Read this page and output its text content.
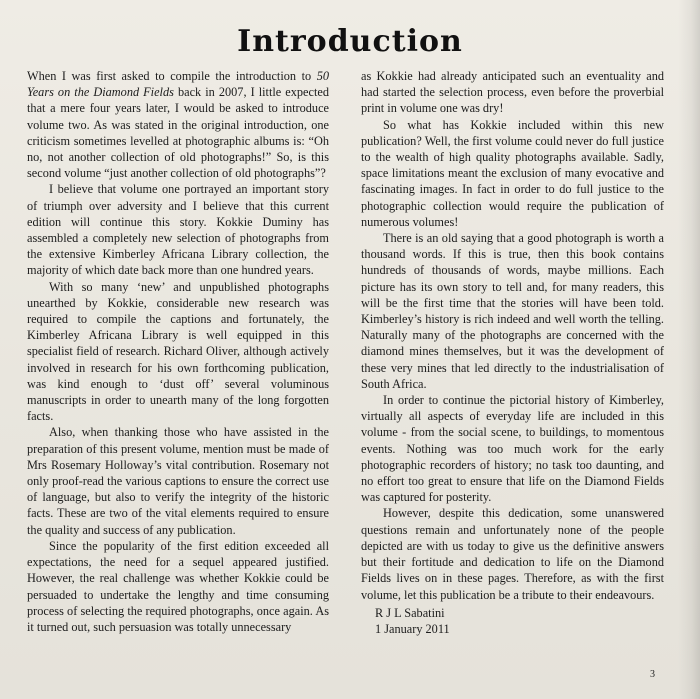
Introduction

When I was first asked to compile the introduction to 50 Years on the Diamond Fields back in 2007, I little expected that a mere four years later, I would be asked to introduce volume two. As was stated in the original introduction, one criticism sometimes levelled at photographic albums is: “Oh no, not another collection of old photographs!” So, is this second volume “just another collection of old photographs”?

I believe that volume one portrayed an important story of triumph over adversity and I believe that this current edition will continue this story. Kokkie Duminy has assembled a completely new selection of photographs from the extensive Kimberley Africana Library collection, the majority of which date back more than one hundred years.

With so many ‘new’ and unpublished photographs unearthed by Kokkie, considerable new research was required to compile the captions and fortunately, the Kimberley Africana Library is well equipped in this specialist field of research. Richard Oliver, although actively involved in research for his own forthcoming publication, was kind enough to ‘dust off’ several voluminous manuscripts in order to unearth many of the long forgotten facts.

Also, when thanking those who have assisted in the preparation of this present volume, mention must be made of Mrs Rosemary Holloway’s vital contribution. Rosemary not only proof-read the various captions to ensure the correct use of language, but also to verify the integrity of the historic facts. These are two of the vital elements required to ensure the quality and success of any publication.

Since the popularity of the first edition exceeded all expectations, the need for a sequel appeared justified. However, the real challenge was whether Kokkie could be persuaded to undertake the lengthy and time consuming process of selecting the required photographs, once again. As it turned out, such persuasion was totally unnecessary

as Kokkie had already anticipated such an eventuality and had started the selection process, even before the proverbial print in volume one was dry!

So what has Kokkie included within this new publication? Well, the first volume could never do full justice to the wealth of high quality photographs available. Sadly, space limitations meant the exclusion of many evocative and fascinating images. In fact in order to do full justice to the photographic collection would require the publication of numerous volumes!

There is an old saying that a good photograph is worth a thousand words. If this is true, then this book contains hundreds of thousands of words, maybe millions. Each picture has its own story to tell and, for many readers, this will be the first time that the stories will have been told. Kimberley’s history is rich indeed and well worth the telling. Naturally many of the photographs are concerned with the diamond mines themselves, but it was the development of these very mines that led directly to the industrialisation of South Africa.

In order to continue the pictorial history of Kimberley, virtually all aspects of everyday life are included in this volume - from the social scene, to buildings, to momentous events. Nothing was too much work for the early photographic recorders of history; no task too daunting, and no effort too great to ensure that life on the Diamond Fields was captured for posterity.

However, despite this dedication, some unanswered questions remain and unfortunately none of the people depicted are with us today to give us the definitive answers but their fortitude and dedication to life on the Diamond Fields lives on in these pages. Therefore, as with the first volume, let this publication be a tribute to their endeavours.

R J L Sabatini
1 January 2011
3
